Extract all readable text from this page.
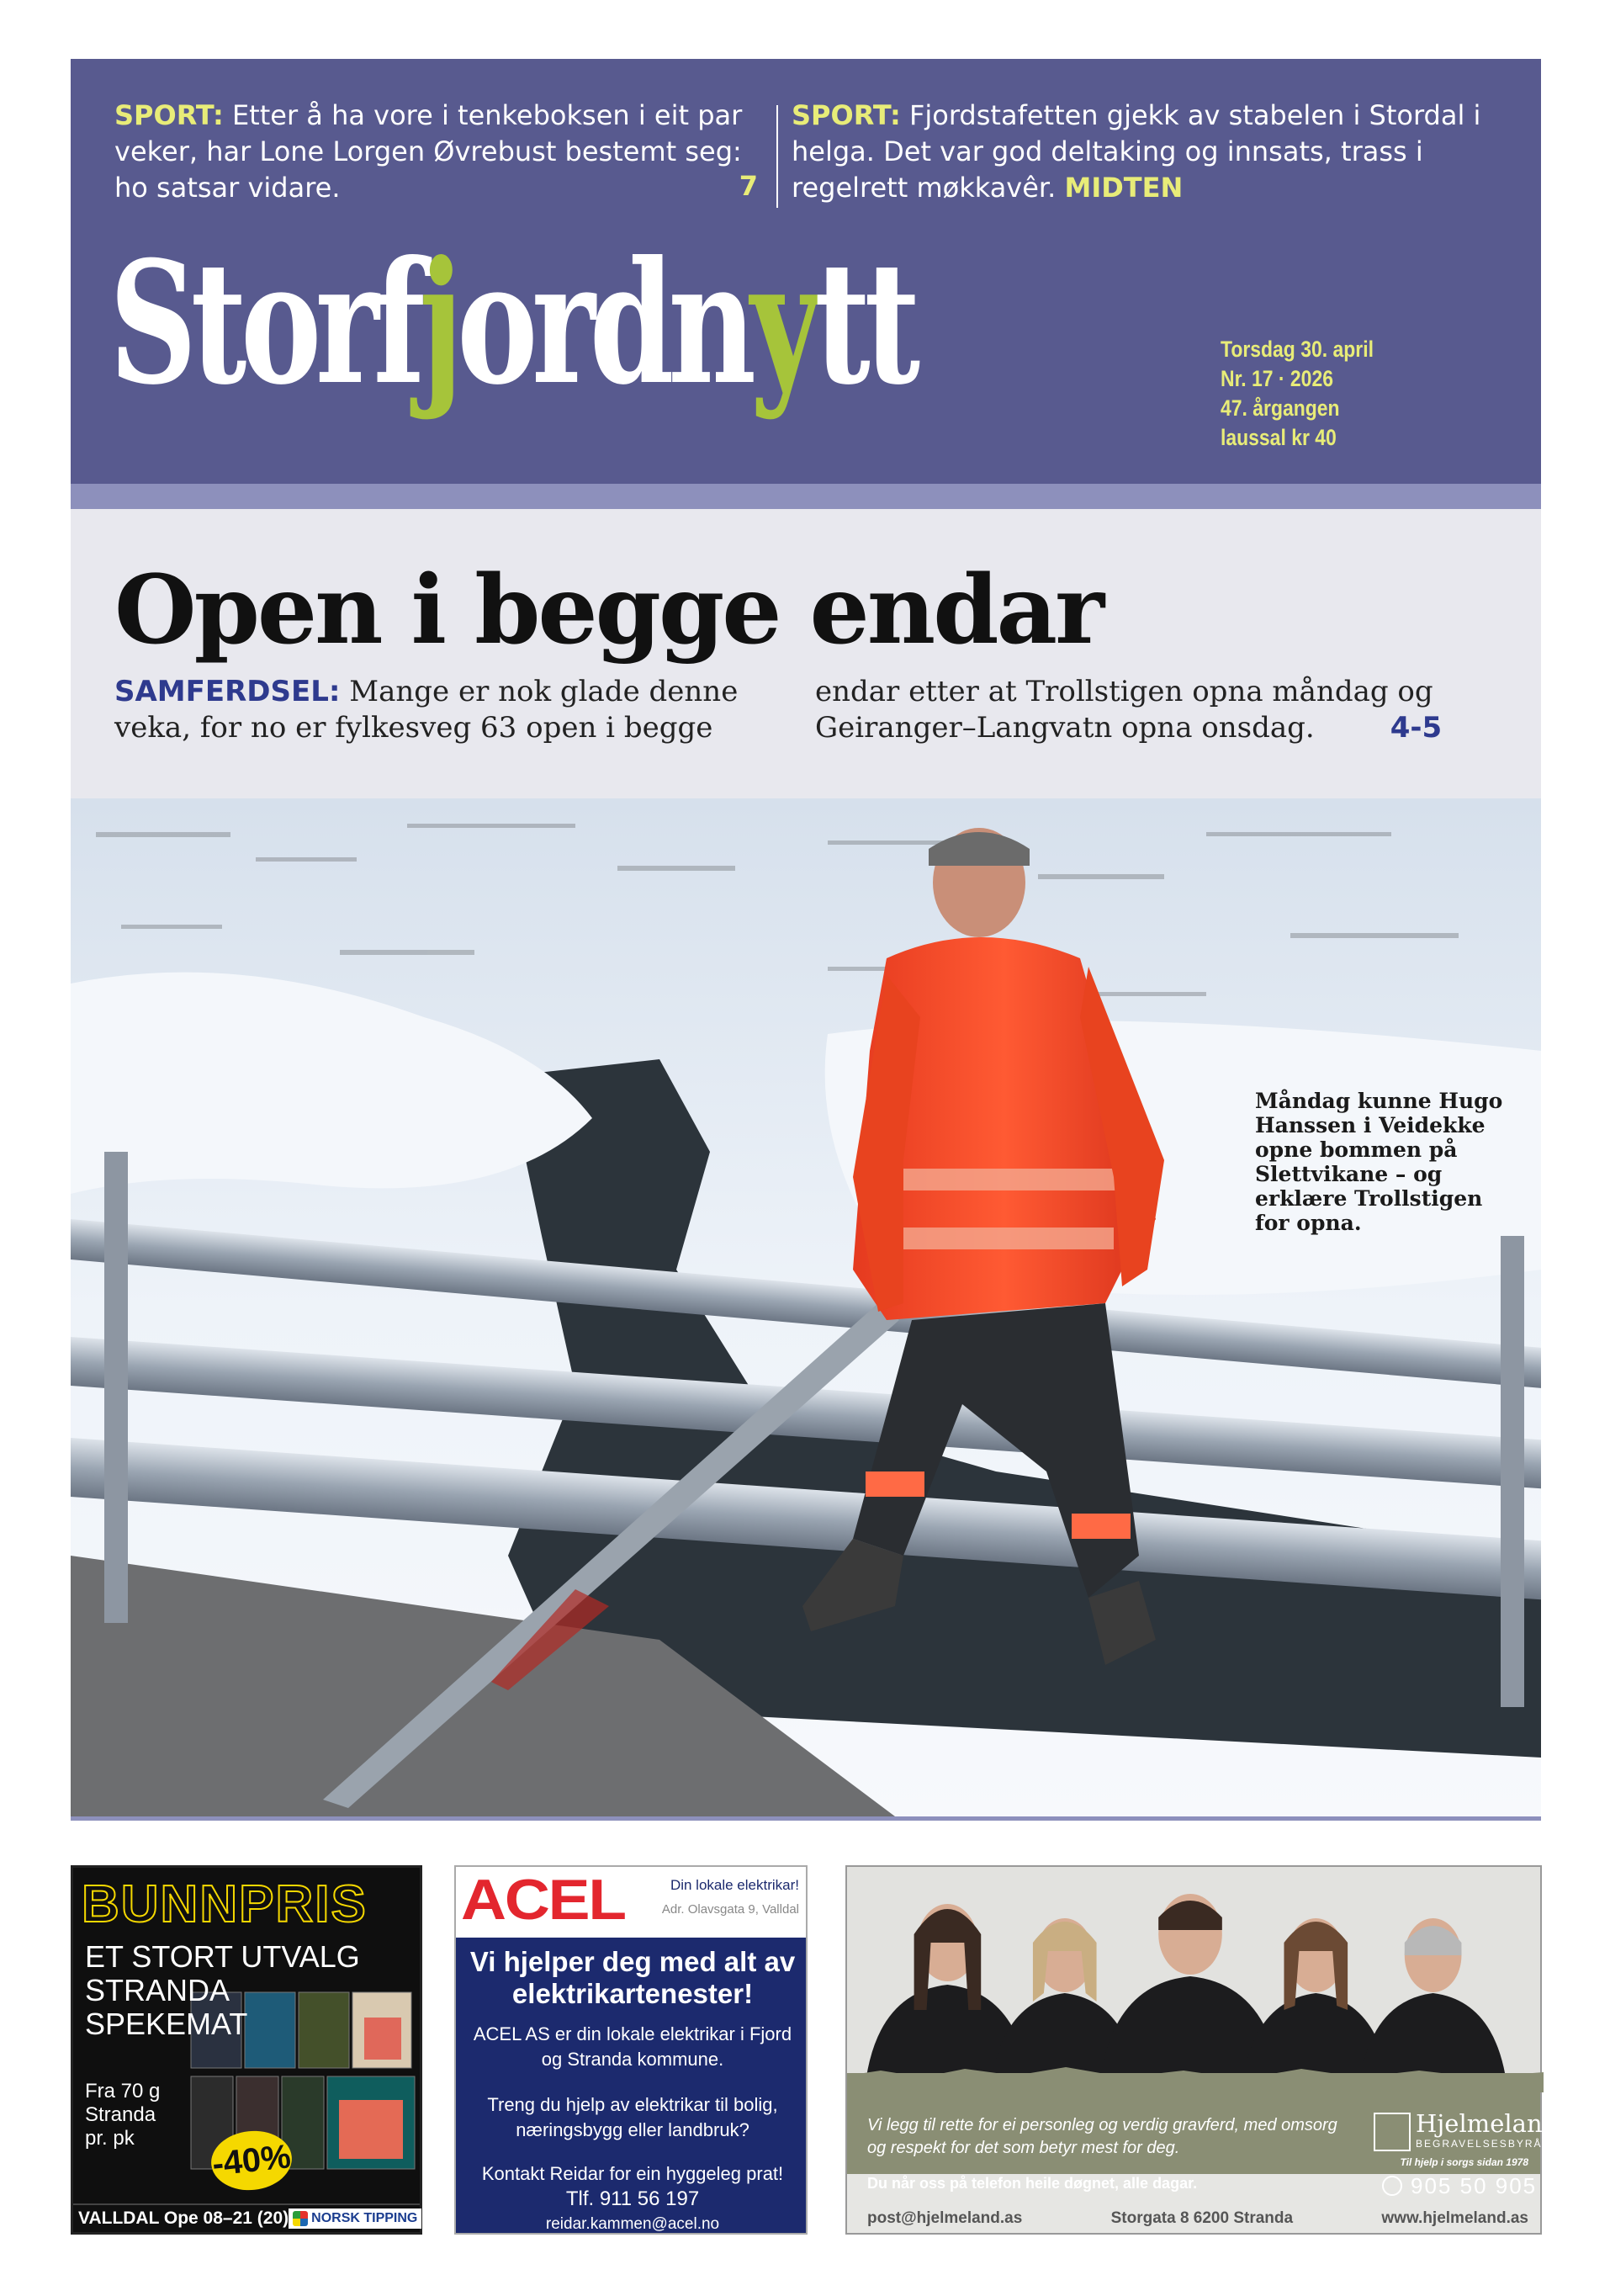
SPORT: Etter å ha vore i tenkeboksen i eit par veker, har Lone Lorgen Øvrebust bestemt seg: ho satsar vidare.	7
SPORT: Fjordstafetten gjekk av stabelen i Stordal i helga. Det var god deltaking og innsats, trass i regelrett møkkavêr. MIDTEN
Storfjordnytt	Torsdag 30. april
Nr. 17 · 2026
47. årgangen
laussal kr 40
Open i begge endar
SAMFERDSEL: Mange er nok glade denne veka, for no er fylkesveg 63 open i begge
endar etter at Trollstigen opna måndag og Geiranger–Langvatn opna onsdag.	4-5
Måndag kunne Hugo Hanssen i Veidekke opne bommen på Slettvikane – og erklære Trollstigen for opna.
BUNNPRIS
ET STORT UTVALG
STRANDA
SPEKEMAT
Fra 70 g
Stranda
pr. pk	-40%
VALLDAL Ope 08–21 (20) NORSK TIPPING
ACEL	Din lokale elektrikar!
Adr. Olavsgata 9, Valldal
Vi hjelper deg med alt av elektrikartenester!
ACEL AS er din lokale elektrikar i Fjord og Stranda kommune.
Treng du hjelp av elektrikar til bolig, næringsbygg eller landbruk?
Kontakt Reidar for ein hyggeleg prat!
Tlf. 911 56 197
reidar.kammen@acel.no
Vi legg til rette for ei personleg og verdig gravferd, med omsorg og respekt for det som betyr mest for deg.
Du når oss på telefon heile døgnet, alle dagar.
Hjelmeland
BEGRAVELSESBYRÅ
Til hjelp i sorgs sidan 1978
905 50 905
post@hjelmeland.as	Storgata 8 6200 Stranda	www.hjelmeland.as
